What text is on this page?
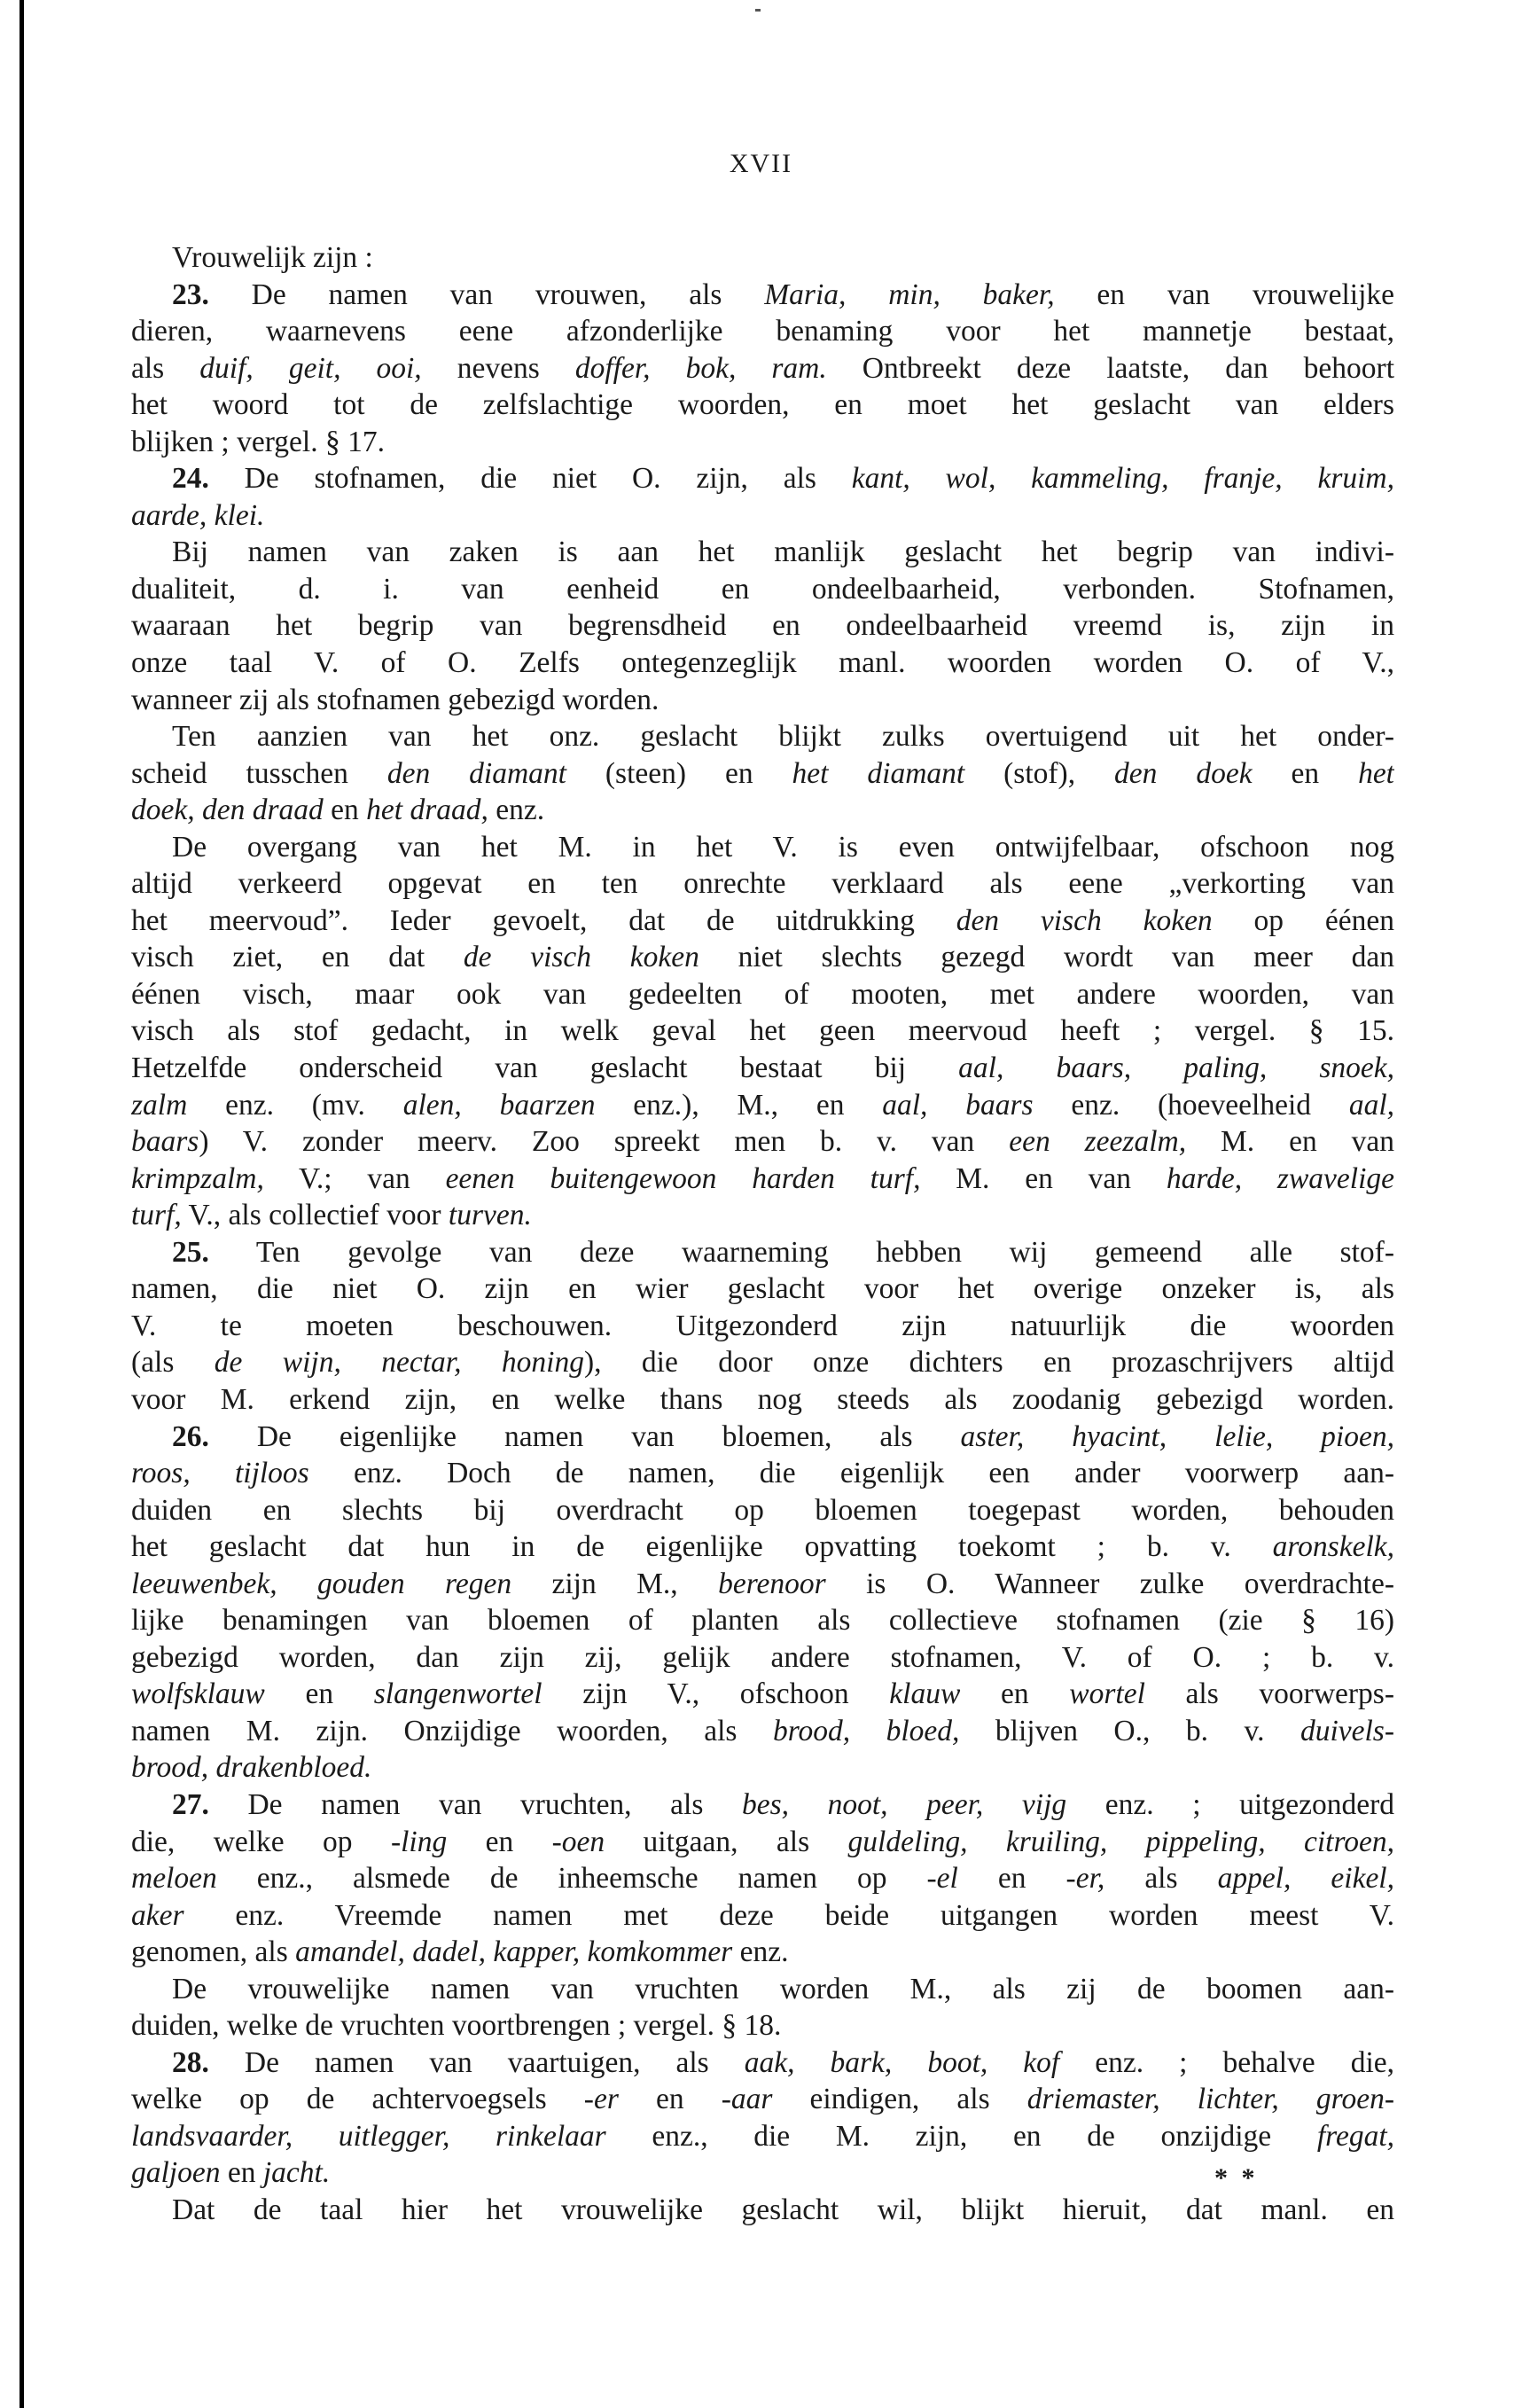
XVII
Vrouwelijk zijn :
23. De namen van vrouwen, als Maria, min, baker, en van vrouwelijke
dieren, waarnevens eene afzonderlijke benaming voor het mannetje bestaat,
als duif, geit, ooi, nevens doffer, bok, ram. Ontbreekt deze laatste, dan behoort
het woord tot de zelfslachtige woorden, en moet het geslacht van elders
blijken ; vergel. § 17.
24. De stofnamen, die niet O. zijn, als kant, wol, kammeling, franje, kruim,
aarde, klei.
Bij namen van zaken is aan het manlijk geslacht het begrip van indivi-
dualiteit, d. i. van eenheid en ondeelbaarheid, verbonden. Stofnamen,
waaraan het begrip van begrensdheid en ondeelbaarheid vreemd is, zijn in
onze taal V. of O. Zelfs ontegenzeglijk manl. woorden worden O. of V.,
wanneer zij als stofnamen gebezigd worden.
Ten aanzien van het onz. geslacht blijkt zulks overtuigend uit het onder-
scheid tusschen den diamant (steen) en het diamant (stof), den doek en het
doek, den draad en het draad, enz.
De overgang van het M. in het V. is even ontwijfelbaar, ofschoon nog
altijd verkeerd opgevat en ten onrechte verklaard als eene „verkorting van
het meervoud”. Ieder gevoelt, dat de uitdrukking den visch koken op éénen
visch ziet, en dat de visch koken niet slechts gezegd wordt van meer dan
éénen visch, maar ook van gedeelten of mooten, met andere woorden, van
visch als stof gedacht, in welk geval het geen meervoud heeft ; vergel. § 15.
Hetzelfde onderscheid van geslacht bestaat bij aal, baars, paling, snoek,
zalm enz. (mv. alen, baarzen enz.), M., en aal, baars enz. (hoeveelheid aal,
baars) V. zonder meerv. Zoo spreekt men b. v. van een zeezalm, M. en van
krimpzalm, V.; van eenen buitengewoon harden turf, M. en van harde, zwavelige
turf, V., als collectief voor turven.
25. Ten gevolge van deze waarneming hebben wij gemeend alle stof-
namen, die niet O. zijn en wier geslacht voor het overige onzeker is, als
V. te moeten beschouwen. Uitgezonderd zijn natuurlijk die woorden
(als de wijn, nectar, honing), die door onze dichters en prozaschrijvers altijd
voor M. erkend zijn, en welke thans nog steeds als zoodanig gebezigd worden.
26. De eigenlijke namen van bloemen, als aster, hyacint, lelie, pioen,
roos, tijloos enz. Doch de namen, die eigenlijk een ander voorwerp aan-
duiden en slechts bij overdracht op bloemen toegepast worden, behouden
het geslacht dat hun in de eigenlijke opvatting toekomt ; b. v. aronskelk,
leeuwenbek, gouden regen zijn M., berenoor is O. Wanneer zulke overdrachte-
lijke benamingen van bloemen of planten als collectieve stofnamen (zie § 16)
gebezigd worden, dan zijn zij, gelijk andere stofnamen, V. of O. ; b. v.
wolfsklauw en slangenwortel zijn V., ofschoon klauw en wortel als voorwerps-
namen M. zijn. Onzijdige woorden, als brood, bloed, blijven O., b. v. duivels-
brood, drakenbloed.
27. De namen van vruchten, als bes, noot, peer, vijg enz. ; uitgezonderd
die, welke op -ling en -oen uitgaan, als guldeling, kruiling, pippeling, citroen,
meloen enz., alsmede de inheemsche namen op -el en -er, als appel, eikel,
aker enz. Vreemde namen met deze beide uitgangen worden meest V.
genomen, als amandel, dadel, kapper, komkommer enz.
De vrouwelijke namen van vruchten worden M., als zij de boomen aan-
duiden, welke de vruchten voortbrengen ; vergel. § 18.
28. De namen van vaartuigen, als aak, bark, boot, kof enz. ; behalve die,
welke op de achtervoegsels -er en -aar eindigen, als driemaster, lichter, groen-
landsvaarder, uitlegger, rinkelaar enz., die M. zijn, en de onzijdige fregat,
galjoen en jacht.
Dat de taal hier het vrouwelijke geslacht wil, blijkt hieruit, dat manl. en
* *
